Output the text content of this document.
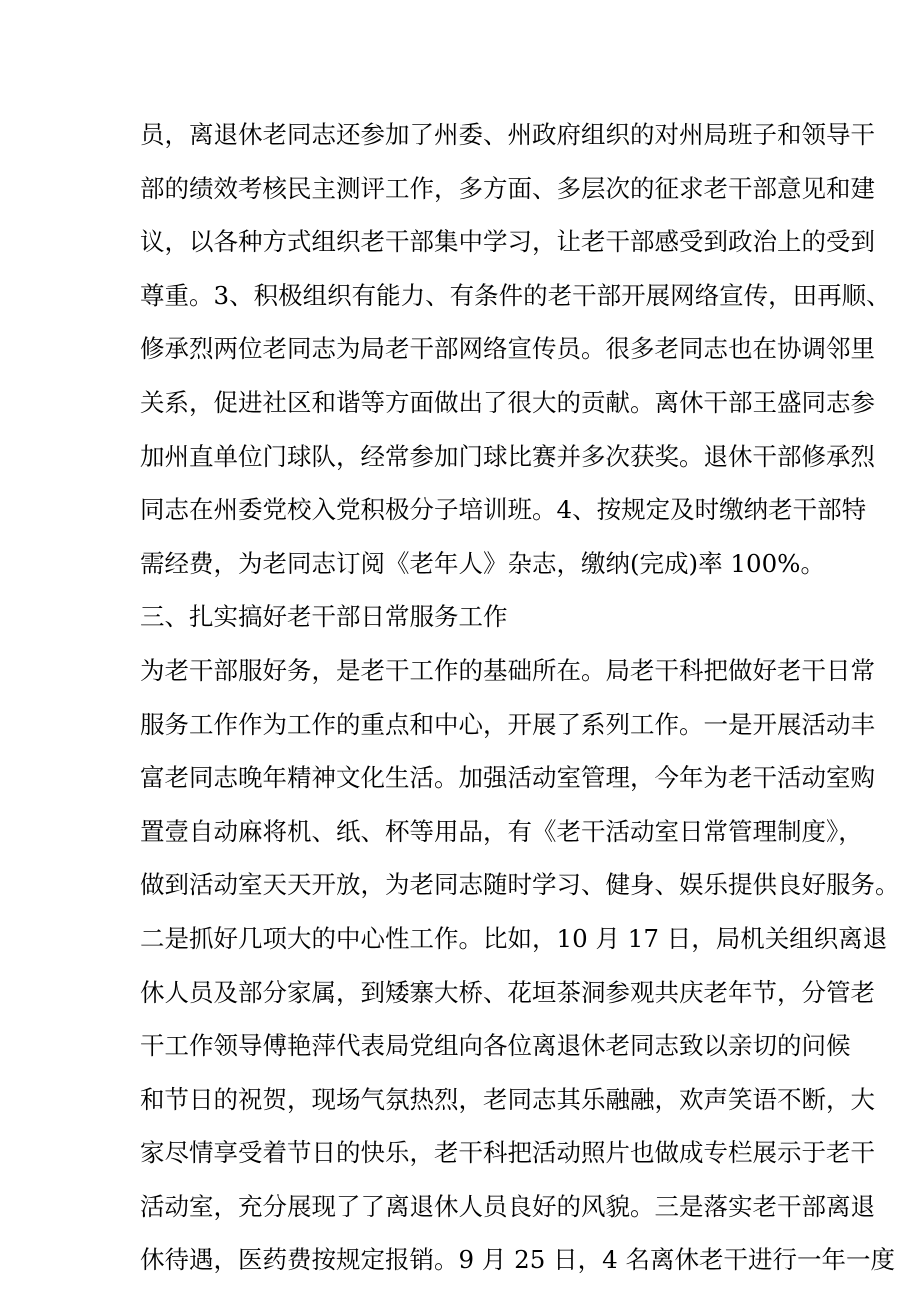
员，离退休老同志还参加了州委、州政府组织的对州局班子和领导干
部的绩效考核民主测评工作，多方面、多层次的征求老干部意见和建
议，以各种方式组织老干部集中学习，让老干部感受到政治上的受到
尊重。3、积极组织有能力、有条件的老干部开展网络宣传，田再顺、
修承烈两位老同志为局老干部网络宣传员。很多老同志也在协调邻里
关系，促进社区和谐等方面做出了很大的贡献。离休干部王盛同志参
加州直单位门球队，经常参加门球比赛并多次获奖。退休干部修承烈
同志在州委党校入党积极分子培训班。4、按规定及时缴纳老干部特
需经费，为老同志订阅《老年人》杂志，缴纳(完成)率 100%。
三、扎实搞好老干部日常服务工作
为老干部服好务，是老干工作的基础所在。局老干科把做好老干日常
服务工作作为工作的重点和中心，开展了系列工作。一是开展活动丰
富老同志晚年精神文化生活。加强活动室管理，今年为老干活动室购
置壹自动麻将机、纸、杯等用品，有《老干活动室日常管理制度》，
做到活动室天天开放，为老同志随时学习、健身、娱乐提供良好服务。
二是抓好几项大的中心性工作。比如，10 月 17 日，局机关组织离退
休人员及部分家属，到矮寨大桥、花垣茶洞参观共庆老年节，分管老
干工作领导傅艳萍代表局党组向各位离退休老同志致以亲切的问候
和节日的祝贺，现场气氛热烈，老同志其乐融融，欢声笑语不断，大
家尽情享受着节日的快乐，老干科把活动照片也做成专栏展示于老干
活动室，充分展现了了离退休人员良好的风貌。三是落实老干部离退
休待遇，医药费按规定报销。9 月 25 日，4 名离休老干进行一年一度
